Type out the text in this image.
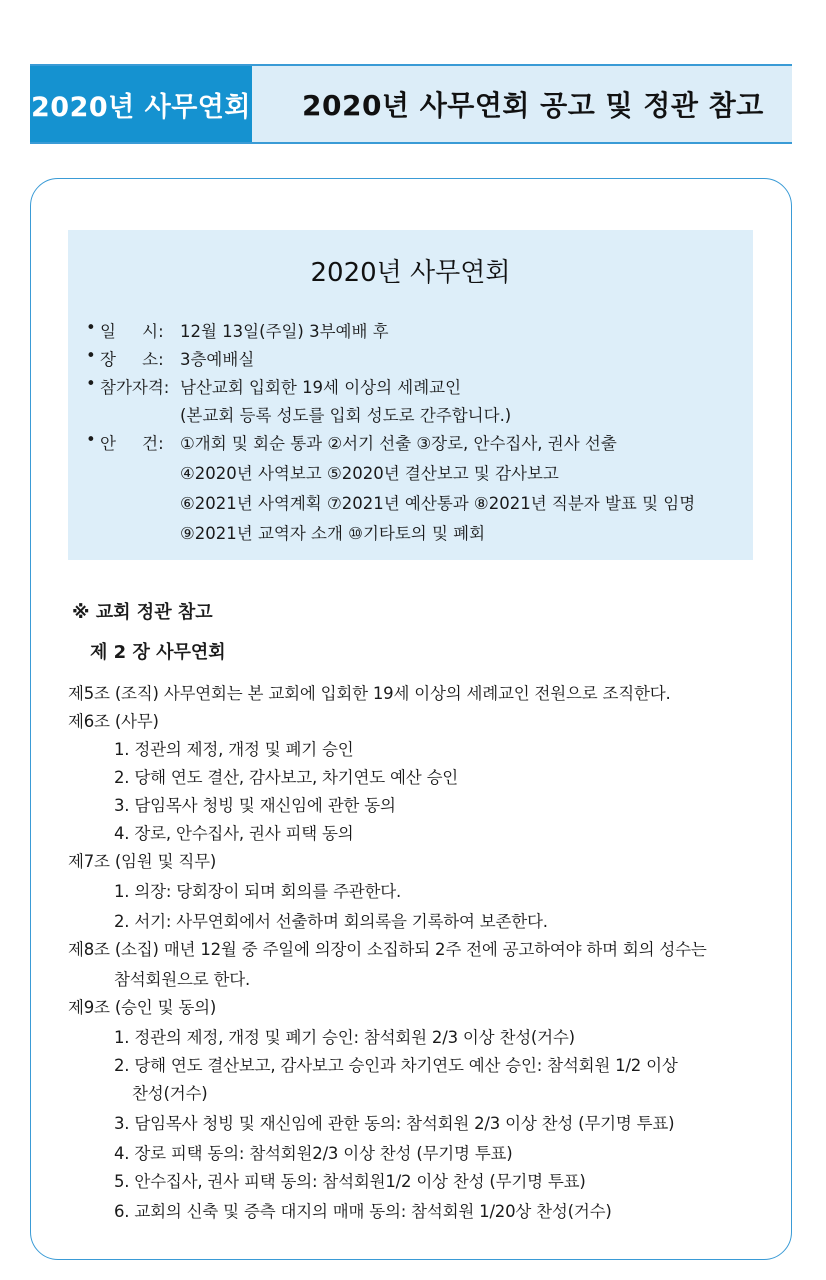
2020년 사무연회 2020년 사무연회 공고 및 정관 참고
2020년 사무연회
• 일     시: 12월 13일(주일) 3부예배 후
• 장     소: 3층예배실
• 참가자격: 남산교회 입회한 19세 이상의 세례교인
(본교회 등록 성도를 입회 성도로 간주합니다.)
• 안     건: ①개회 및 회순 통과 ②서기 선출 ③장로, 안수집사, 권사 선출
④2020년 사역보고 ⑤2020년 결산보고 및 감사보고
⑥2021년 사역계획 ⑦2021년 예산통과 ⑧2021년 직분자 발표 및 임명
⑨2021년 교역자 소개 ⑩기타토의 및 폐회
※ 교회 정관 참고
제 2 장 사무연회
제5조 (조직) 사무연회는 본 교회에 입회한 19세 이상의 세례교인 전원으로 조직한다.
제6조 (사무)
1. 정관의 제정, 개정 및 폐기 승인
2. 당해 연도 결산, 감사보고, 차기연도 예산 승인
3. 담임목사 청빙 및 재신임에 관한 동의
4. 장로, 안수집사, 권사 피택 동의
제7조 (임원 및 직무)
1. 의장: 당회장이 되며 회의를 주관한다.
2. 서기: 사무연회에서 선출하며 회의록을 기록하여 보존한다.
제8조 (소집) 매년 12월 중 주일에 의장이 소집하되 2주 전에 공고하여야 하며 회의 성수는
참석회원으로 한다.
제9조 (승인 및 동의)
1. 정관의 제정, 개정 및 폐기 승인: 참석회원 2/3 이상 찬성(거수)
2. 당해 연도 결산보고, 감사보고 승인과 차기연도 예산 승인: 참석회원 1/2 이상
찬성(거수)
3. 담임목사 청빙 및 재신임에 관한 동의: 참석회원 2/3 이상 찬성 (무기명 투표)
4. 장로 피택 동의: 참석회원2/3 이상 찬성 (무기명 투표)
5. 안수집사, 권사 피택 동의: 참석회원1/2 이상 찬성 (무기명 투표)
6. 교회의 신축 및 증측 대지의 매매 동의: 참석회원 1/20상 찬성(거수)
